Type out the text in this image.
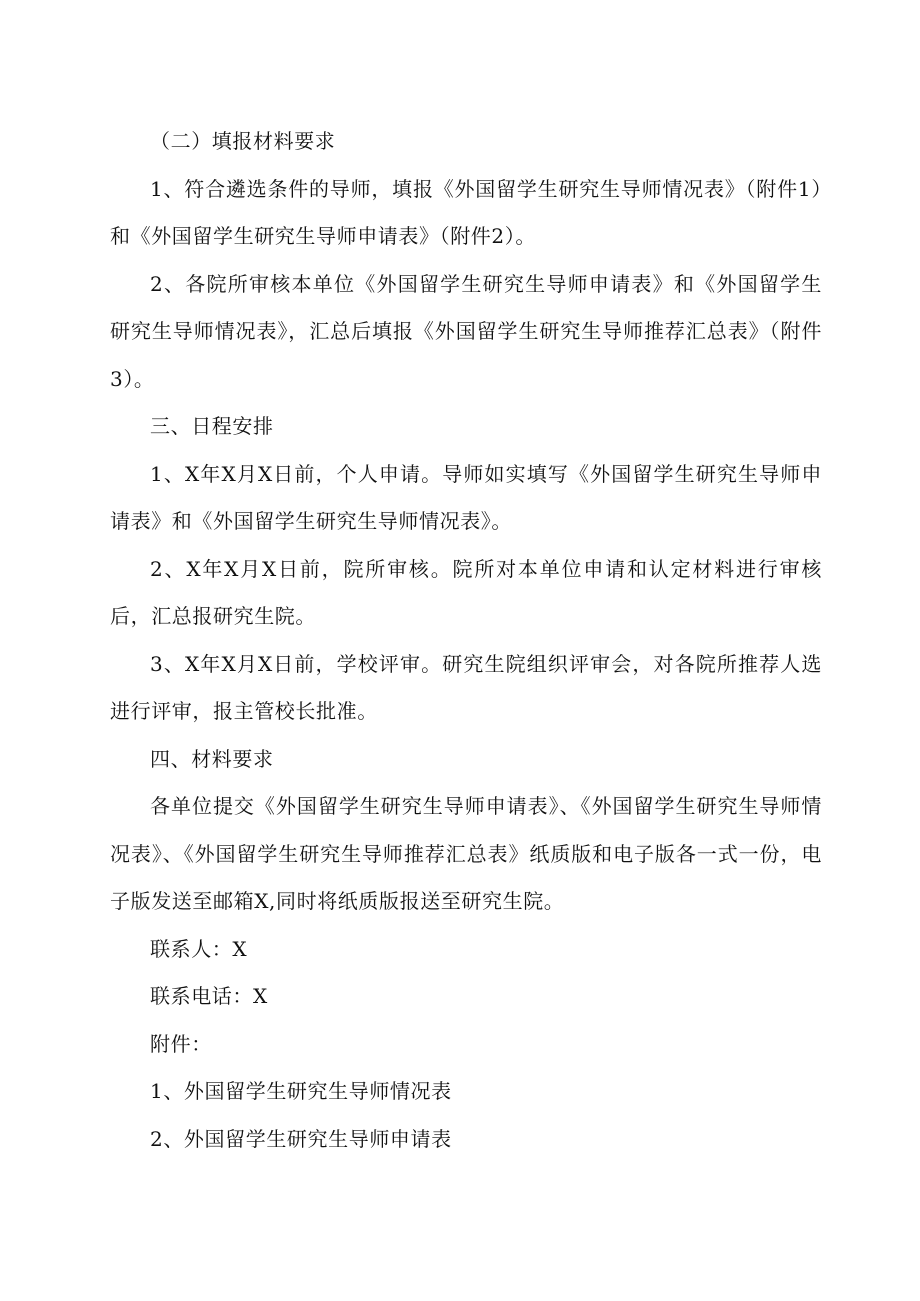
（二）填报材料要求

1、符合遴选条件的导师，填报《外国留学生研究生导师情况表》（附件1）和《外国留学生研究生导师申请表》（附件2）。

2、各院所审核本单位《外国留学生研究生导师申请表》和《外国留学生研究生导师情况表》，汇总后填报《外国留学生研究生导师推荐汇总表》（附件3）。

三、日程安排

1、X年X月X日前，个人申请。导师如实填写《外国留学生研究生导师申请表》和《外国留学生研究生导师情况表》。

2、X年X月X日前，院所审核。院所对本单位申请和认定材料进行审核后，汇总报研究生院。

3、X年X月X日前，学校评审。研究生院组织评审会，对各院所推荐人选进行评审，报主管校长批准。

四、材料要求

各单位提交《外国留学生研究生导师申请表》、《外国留学生研究生导师情况表》、《外国留学生研究生导师推荐汇总表》纸质版和电子版各一式一份，电子版发送至邮箱X,同时将纸质版报送至研究生院。

联系人：X

联系电话：X

附件：

1、外国留学生研究生导师情况表

2、外国留学生研究生导师申请表
